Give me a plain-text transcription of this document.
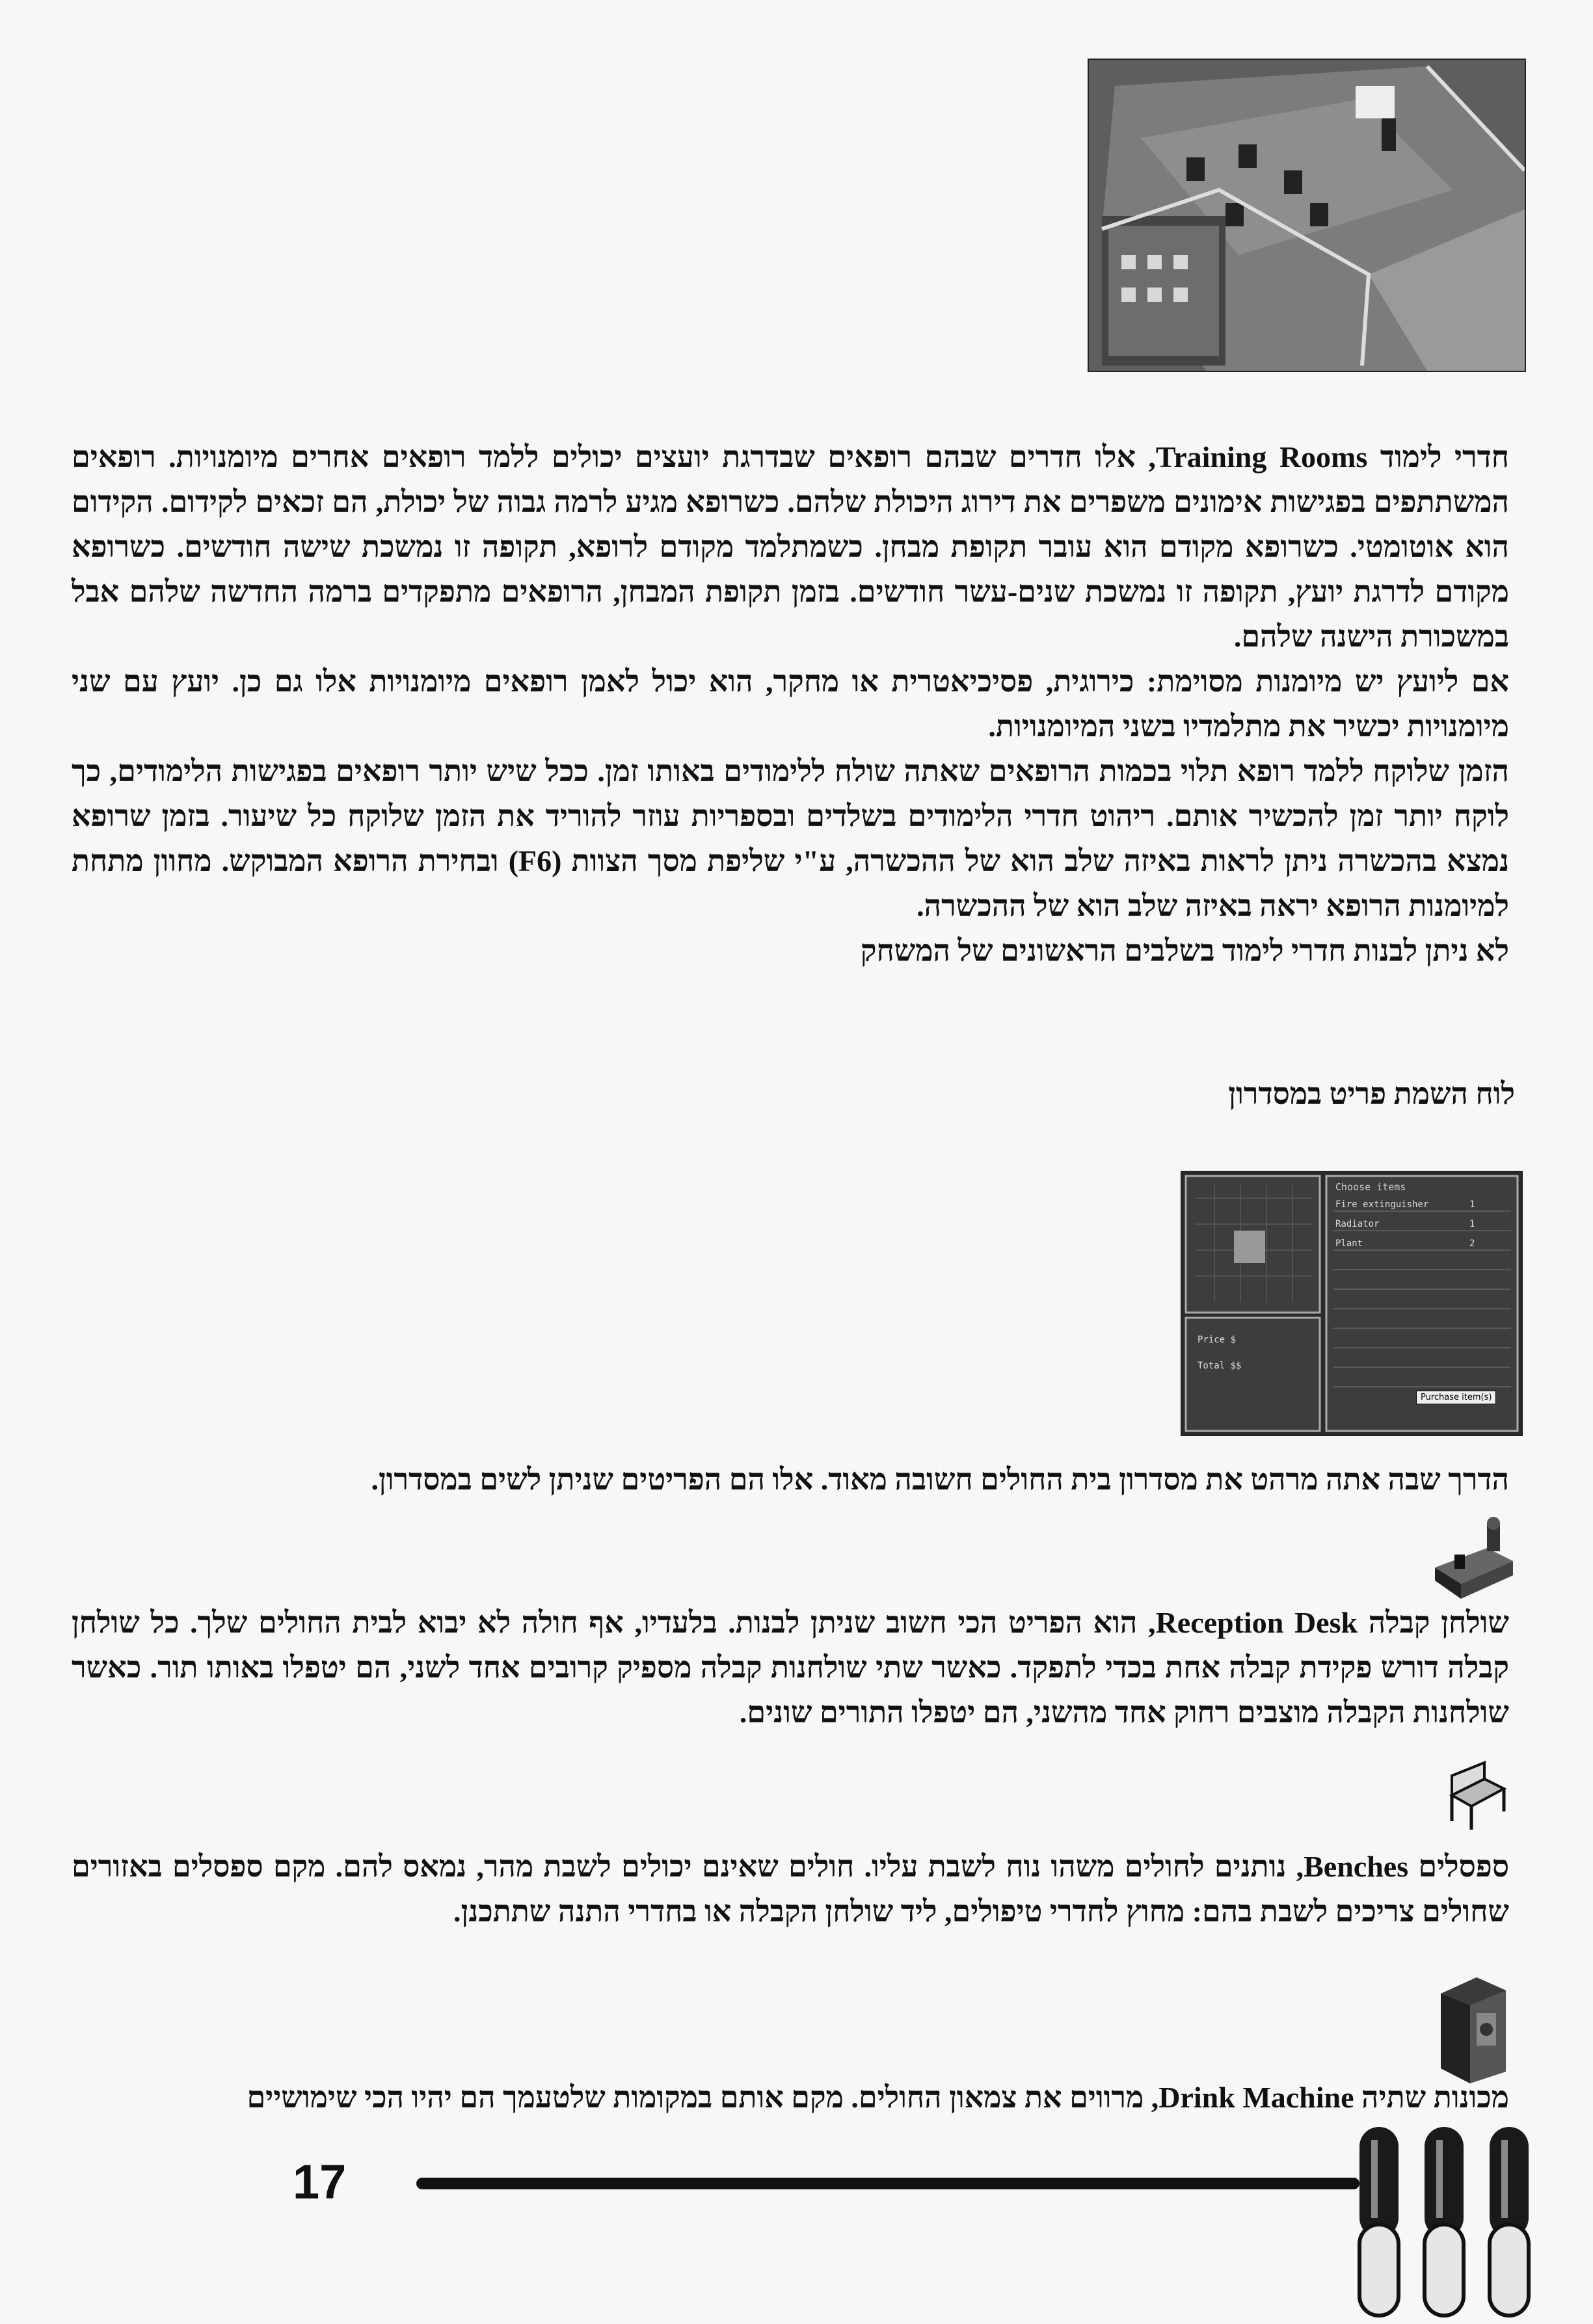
חדרי לימוד Training Rooms, אלו חדרים שבהם רופאים שבדרגת יועצים יכולים ללמד רופאים אחרים מיומנויות. רופאים המשתתפים בפגישות אימונים משפרים את דירוג היכולת שלהם. כשרופא מגיע לרמה גבוה של יכולת, הם זכאים לקידום. הקידום הוא אוטומטי. כשרופא מקודם הוא עובר תקופת מבחן. כשמתלמד מקודם לרופא, תקופה זו נמשכת שישה חודשים. כשרופא מקודם לדרגת יועץ, תקופה זו נמשכת שנים-עשר חודשים. בזמן תקופת המבחן, הרופאים מתפקדים ברמה החדשה שלהם אבל במשכורת הישנה שלהם.

אם ליועץ יש מיומנות מסוימת: כירוגית, פסיכיאטרית או מחקר, הוא יכול לאמן רופאים מיומנויות אלו גם כן. יועץ עם שני מיומנויות יכשיר את מתלמדיו בשני המיומנויות.

הזמן שלוקח ללמד רופא תלוי בכמות הרופאים שאתה שולח ללימודים באותו זמן. ככל שיש יותר רופאים בפגישות הלימודים, כך לוקח יותר זמן להכשיר אותם. ריהוט חדרי הלימודים בשלדים ובספריות עוזר להוריד את הזמן שלוקח כל שיעור. בזמן שרופא נמצא בהכשרה ניתן לראות באיזה שלב הוא של ההכשרה, ע"י שליפת מסך הצוות (F6) ובחירת הרופא המבוקש. מחוון מתחת למיומנות הרופא יראה באיזה שלב הוא של ההכשרה.

לא ניתן לבנות חדרי לימוד בשלבים הראשונים של המשחק

לוח השמת פריט במסדרון

Choose items
Fire extinguisher	1
Radiator	1
Plant	2
Price $
Total $$
Purchase item(s)

הדרך שבה אתה מרהט את מסדרון בית החולים חשובה מאוד. אלו הם הפריטים שניתן לשים במסדרון.

שולחן קבלה Reception Desk, הוא הפריט הכי חשוב שניתן לבנות. בלעדיו, אף חולה לא יבוא לבית החולים שלך. כל שולחן קבלה דורש פקידת קבלה אחת בכדי לתפקד. כאשר שתי שולחנות קבלה מספיק קרובים אחד לשני, הם יטפלו באותו תור. כאשר שולחנות הקבלה מוצבים רחוק אחד מהשני, הם יטפלו התורים שונים.

ספסלים Benches, נותנים לחולים משהו נוח לשבת עליו. חולים שאינם יכולים לשבת מהר, נמאס להם. מקם ספסלים באזורים שחולים צריכים לשבת בהם: מחוץ לחדרי טיפולים, ליד שולחן הקבלה או בחדרי התנה שתתכנן.

מכונות שתיה Drink Machine, מרווים את צמאון החולים. מקם אותם במקומות שלטעמך הם יהיו הכי שימושיים

17
